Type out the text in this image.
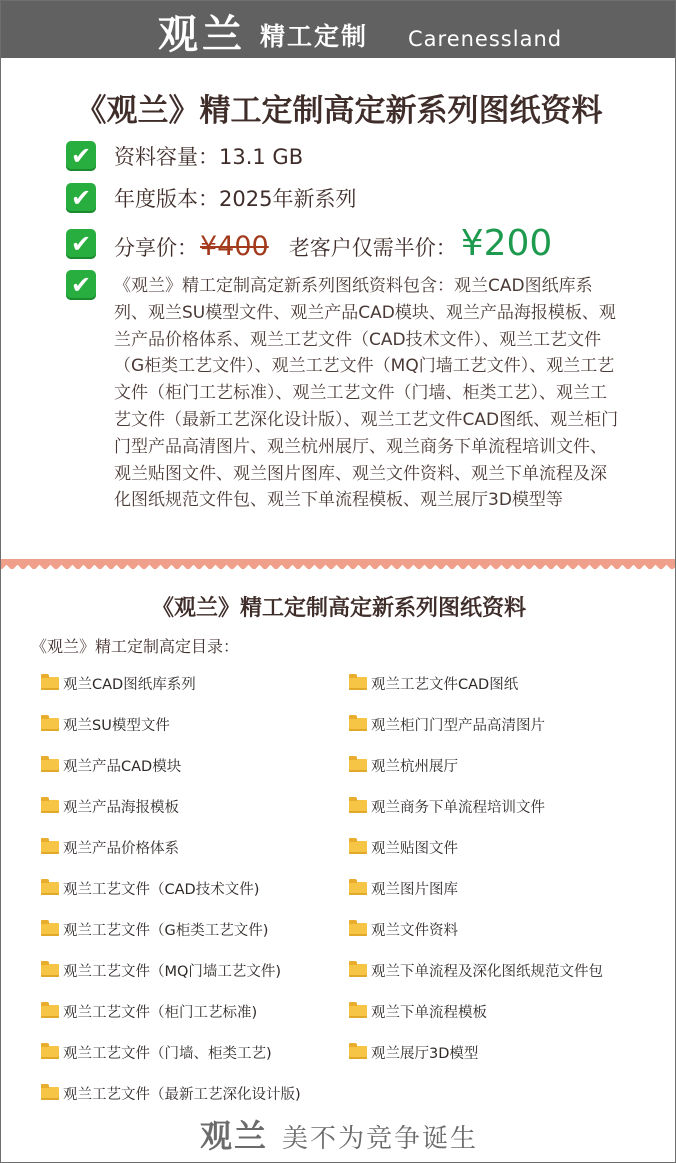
观兰 精工定制 Carenessland
《观兰》精工定制高定新系列图纸资料
✔ 资料容量：13.1 GB
✔ 年度版本：2025年新系列
✔ 分享价：¥400 老客户仅需半价： ¥200
✔ 《观兰》精工定制高定新系列图纸资料包含：观兰CAD图纸库系列、观兰SU模型文件、观兰产品CAD模块、观兰产品海报模板、观兰产品价格体系、观兰工艺文件（CAD技术文件）、观兰工艺文件（G柜类工艺文件）、观兰工艺文件（MQ门墙工艺文件）、观兰工艺文件（柜门工艺标准）、观兰工艺文件（门墙、柜类工艺）、观兰工艺文件（最新工艺深化设计版）、观兰工艺文件CAD图纸、观兰柜门门型产品高清图片、观兰杭州展厅、观兰商务下单流程培训文件、观兰贴图文件、观兰图片图库、观兰文件资料、观兰下单流程及深化图纸规范文件包、观兰下单流程模板、观兰展厅3D模型等
《观兰》精工定制高定新系列图纸资料
《观兰》精工定制高定目录：
观兰CAD图纸库系列
观兰SU模型文件
观兰产品CAD模块
观兰产品海报模板
观兰产品价格体系
观兰工艺文件（CAD技术文件)
观兰工艺文件（G柜类工艺文件)
观兰工艺文件（MQ门墙工艺文件)
观兰工艺文件（柜门工艺标准)
观兰工艺文件（门墙、柜类工艺)
观兰工艺文件（最新工艺深化设计版)
观兰工艺文件CAD图纸
观兰柜门门型产品高清图片
观兰杭州展厅
观兰商务下单流程培训文件
观兰贴图文件
观兰图片图库
观兰文件资料
观兰下单流程及深化图纸规范文件包
观兰下单流程模板
观兰展厅3D模型
观兰 美不为竞争诞生
